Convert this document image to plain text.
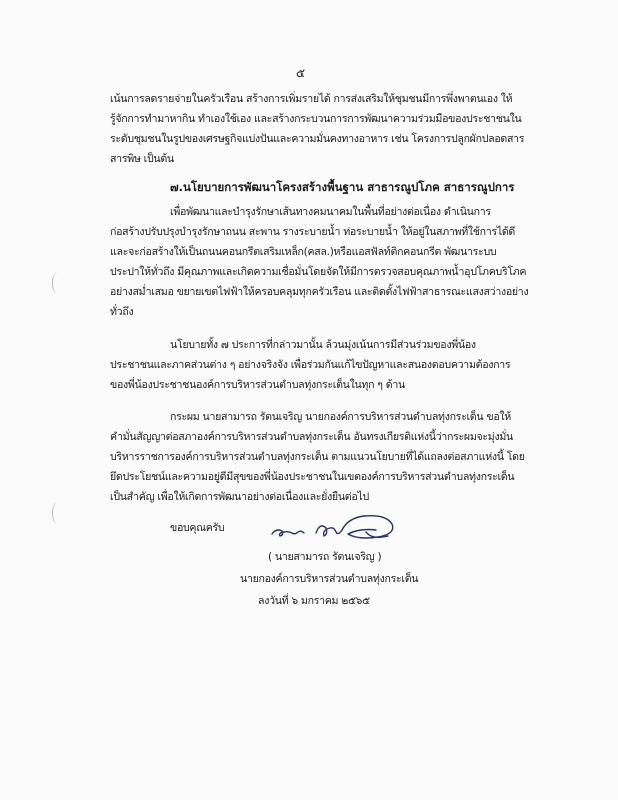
๕
เน้นการลดรายจ่ายในครัวเรือน สร้างการเพิ่มรายได้ การส่งเสริมให้ชุมชนมีการพึ่งพาตนเอง ให้
รู้จักการทำมาหากิน ทำเองใช้เอง และสร้างกระบวนการการพัฒนาความร่วมมือของประชาชนใน
ระดับชุมชนในรูปของเศรษฐกิจแบ่งปันและความมั่นคงทางอาหาร เช่น โครงการปลูกผักปลอดสาร
สารพิษ เป็นต้น
๗.นโยบายการพัฒนาโครงสร้างพื้นฐาน สาธารณูปโภค สาธารณูปการ
เพื่อพัฒนาและบำรุงรักษาเส้นทางคมนาคมในพื้นที่อย่างต่อเนื่อง ดำเนินการ
ก่อสร้างปรับปรุงบำรุงรักษาถนน สะพาน รางระบายน้ำ ท่อระบายน้ำ ให้อยู่ในสภาพที่ใช้การได้ดี
และจะก่อสร้างให้เป็นถนนคอนกรีตเสริมเหล็ก(คสล.)หรือแอสฟัลท์ติกคอนกรีต พัฒนาระบบ
ประปาให้ทั่วถึง มีคุณภาพและเกิดความเชื่อมั่นโดยจัดให้มีการตรวจสอบคุณภาพน้ำอุปโภคบริโภค
อย่างสม่ำเสมอ ขยายเขตไฟฟ้าให้ครอบคลุมทุกครัวเรือน และติดตั้งไฟฟ้าสาธารณะแสงสว่างอย่าง
ทั่วถึง
นโยบายทั้ง ๗ ประการที่กล่าวมานั้น ล้วนมุ่งเน้นการมีส่วนร่วมของพี่น้อง
ประชาชนและภาคส่วนต่าง ๆ อย่างจริงจัง เพื่อร่วมกันแก้ไขปัญหาและสนองตอบความต้องการ
ของพี่น้องประชาชนองค์การบริหารส่วนตำบลทุ่งกระเต็นในทุก ๆ ด้าน
กระผม นายสามารถ รัตนเจริญ นายกองค์การบริหารส่วนตำบลทุ่งกระเต็น ขอให้
คำมั่นสัญญาต่อสภาองค์การบริหารส่วนตำบลทุ่งกระเต็น อันทรงเกียรติแห่งนี้ว่ากระผมจะมุ่งมั่น
บริหารราชการองค์การบริหารส่วนตำบลทุ่งกระเต็น ตามแนวนโยบายที่ได้แถลงต่อสภาแห่งนี้ โดย
ยึดประโยชน์และความอยู่ดีมีสุขของพี่น้องประชาชนในเขตองค์การบริหารส่วนตำบลทุ่งกระเต็น
เป็นสำคัญ เพื่อให้เกิดการพัฒนาอย่างต่อเนื่องและยั่งยืนต่อไป
ขอบคุณครับ
( นายสามารถ รัตนเจริญ )
นายกองค์การบริหารส่วนตำบลทุ่งกระเต็น
ลงวันที่ ๖ มกราคม ๒๕๖๕
